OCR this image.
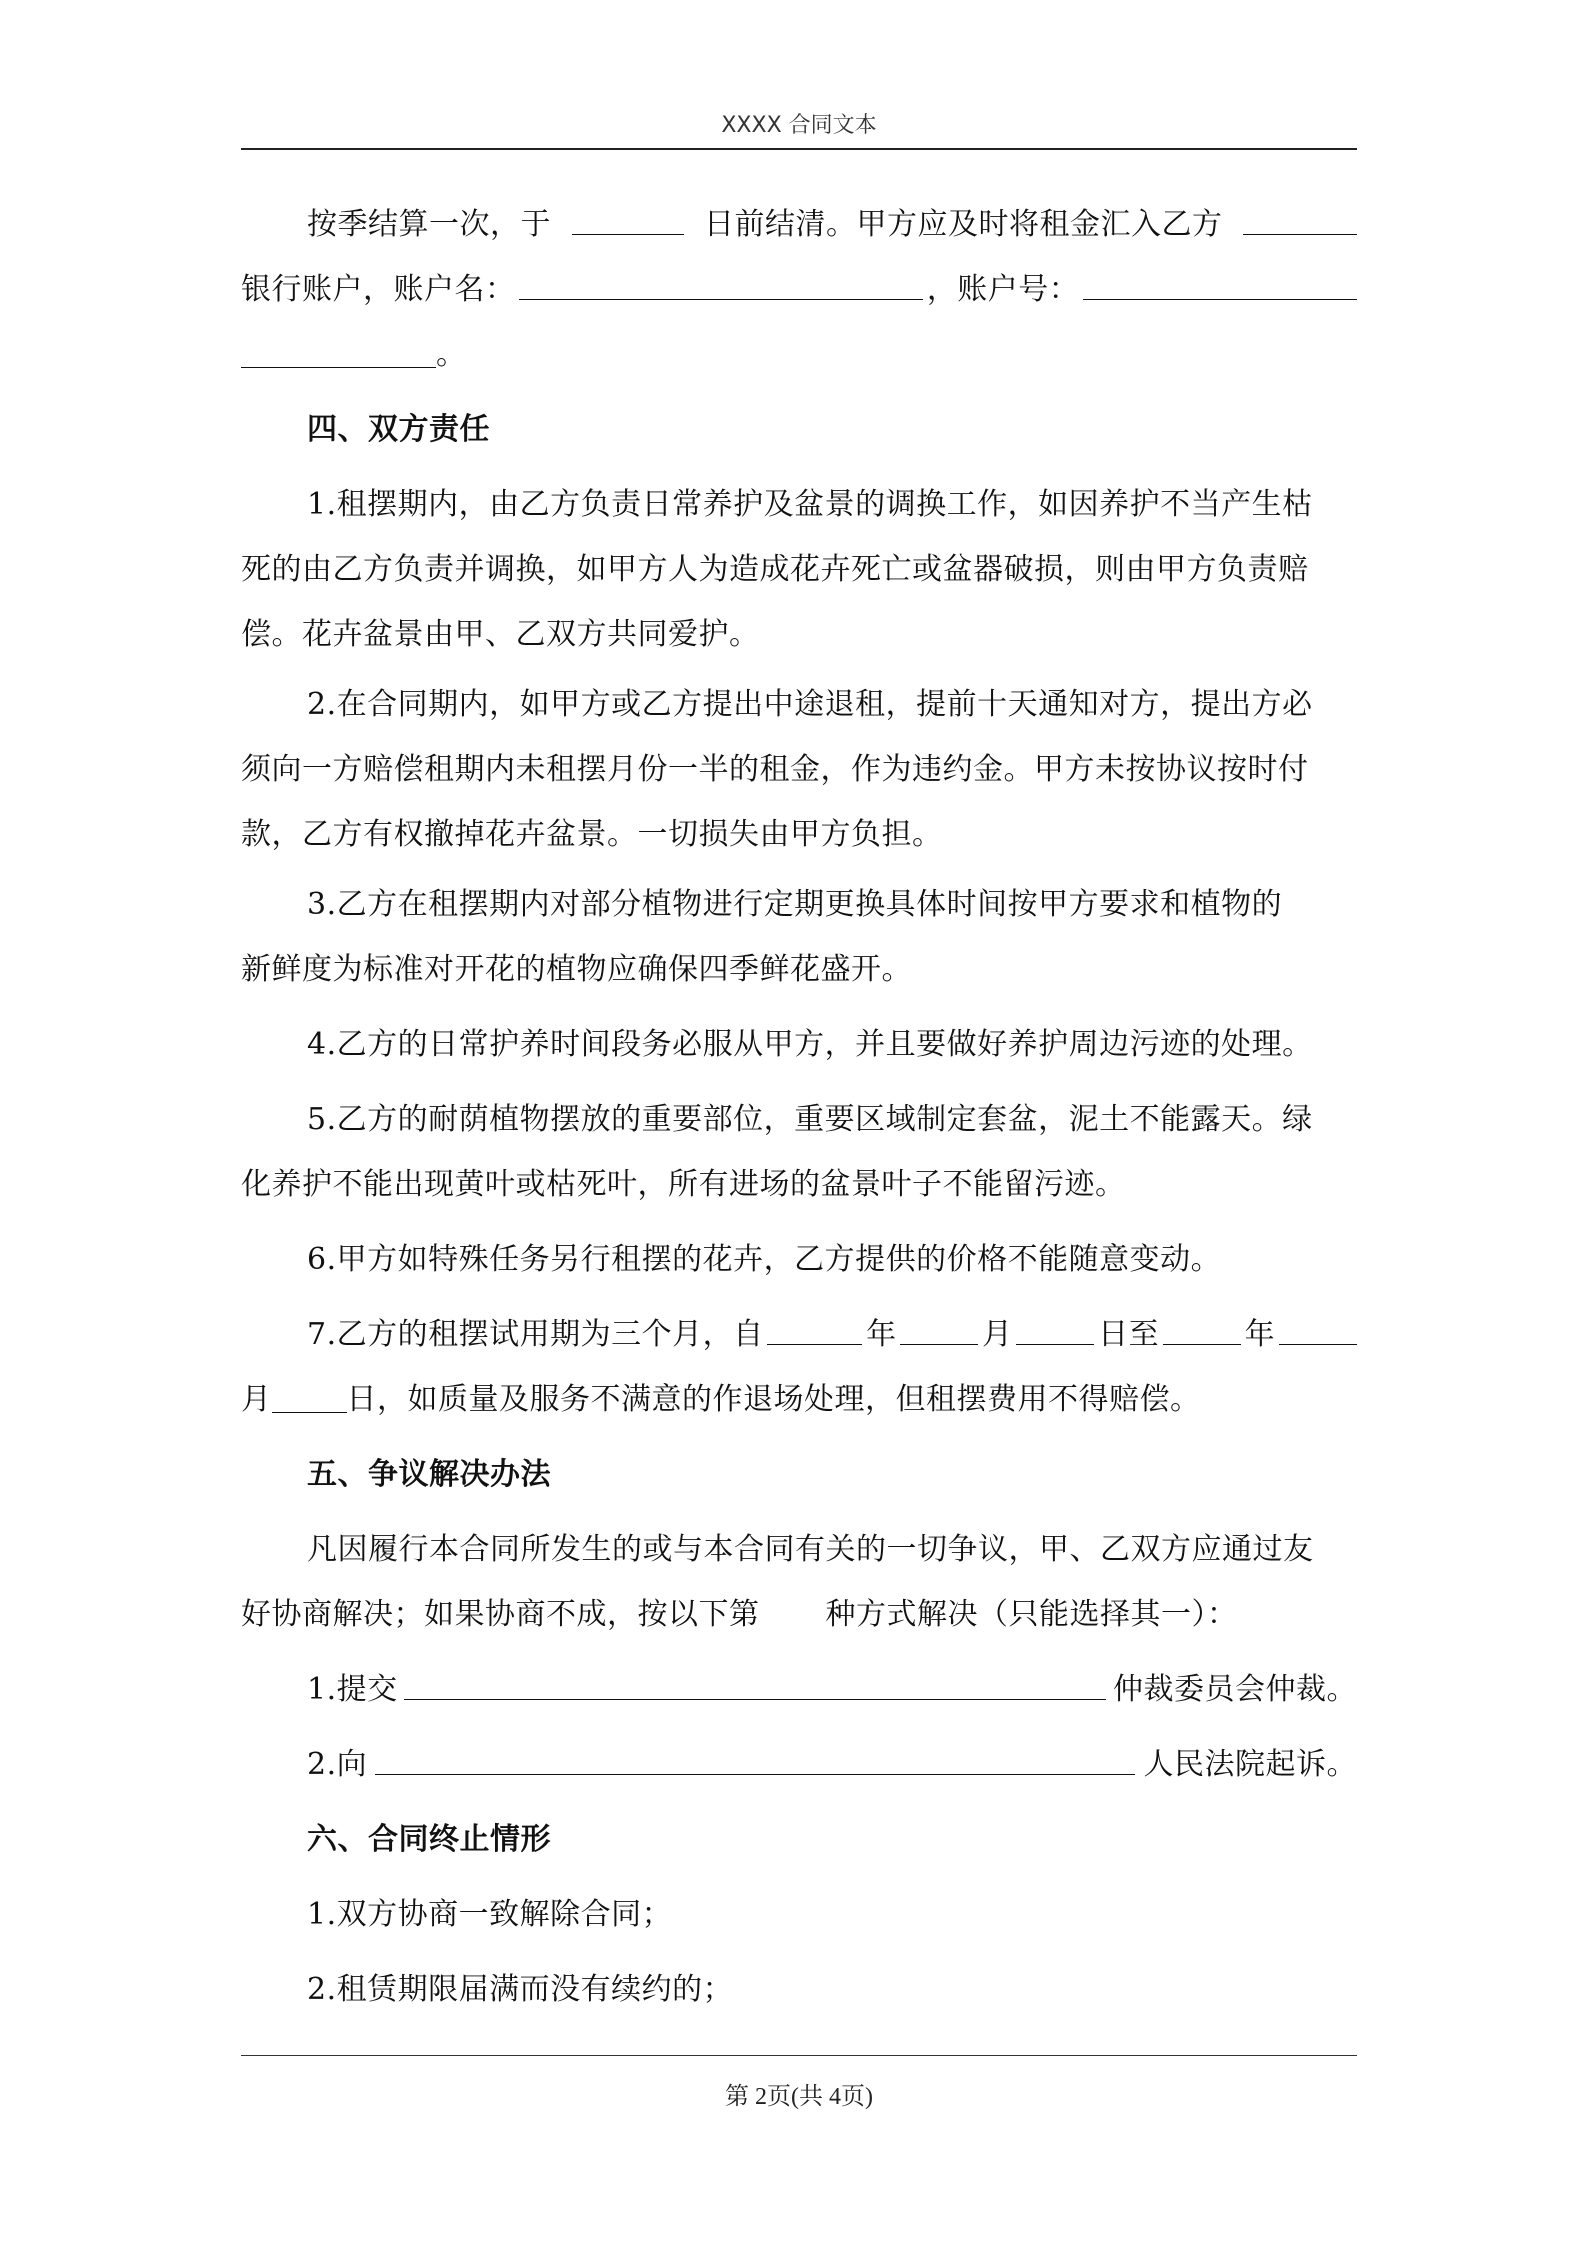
XXXX 合同文本
按季结算一次，于	日前结清。甲方应及时将租金汇入乙方
银行账户，账户名：	，账户号：
。
四、双方责任
1.租摆期内，由乙方负责日常养护及盆景的调换工作，如因养护不当产生枯
死的由乙方负责并调换，如甲方人为造成花卉死亡或盆器破损，则由甲方负责赔
偿。花卉盆景由甲、乙双方共同爱护。
2.在合同期内，如甲方或乙方提出中途退租，提前十天通知对方，提出方必
须向一方赔偿租期内未租摆月份一半的租金，作为违约金。甲方未按协议按时付
款，乙方有权撤掉花卉盆景。一切损失由甲方负担。
3.乙方在租摆期内对部分植物进行定期更换具体时间按甲方要求和植物的
新鲜度为标准对开花的植物应确保四季鲜花盛开。
4.乙方的日常护养时间段务必服从甲方，并且要做好养护周边污迹的处理。
5.乙方的耐荫植物摆放的重要部位，重要区域制定套盆，泥土不能露天。绿
化养护不能出现黄叶或枯死叶，所有进场的盆景叶子不能留污迹。
6.甲方如特殊任务另行租摆的花卉，乙方提供的价格不能随意变动。
7.乙方的租摆试用期为三个月，自	年	月	日至	年
月	日，如质量及服务不满意的作退场处理，但租摆费用不得赔偿。
五、争议解决办法
凡因履行本合同所发生的或与本合同有关的一切争议，甲、乙双方应通过友
好协商解决；如果协商不成，按以下第 种方式解决（只能选择其一）：
1.提交	仲裁委员会仲裁。
2.向	人民法院起诉。
六、合同终止情形
1.双方协商一致解除合同；
2.租赁期限届满而没有续约的；
第 2页(共 4页)
